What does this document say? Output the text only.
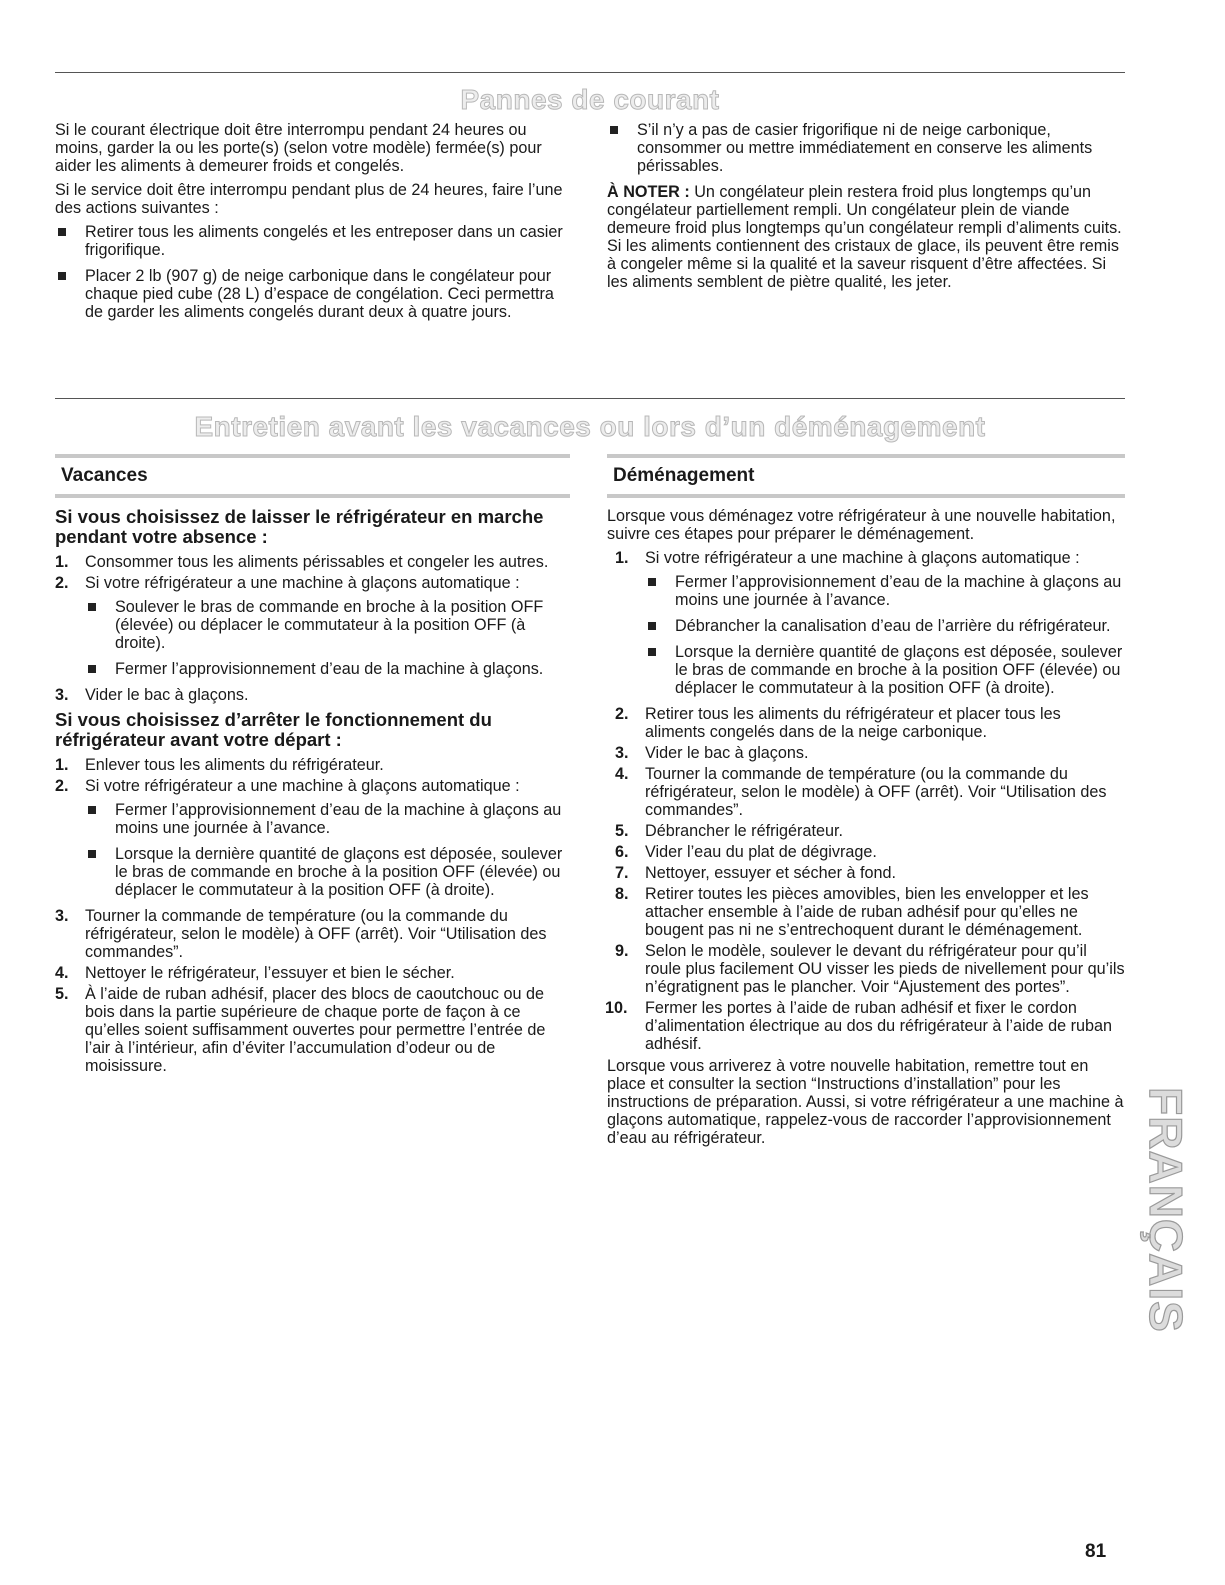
Pannes de courant

Si le courant électrique doit être interrompu pendant 24 heures ou moins, garder la ou les porte(s) (selon votre modèle) fermée(s) pour aider les aliments à demeurer froids et congelés.

Si le service doit être interrompu pendant plus de 24 heures, faire l’une des actions suivantes :

Retirer tous les aliments congelés et les entreposer dans un casier frigorifique.
Placer 2 lb (907 g) de neige carbonique dans le congélateur pour chaque pied cube (28 L) d’espace de congélation. Ceci permettra de garder les aliments congelés durant deux à quatre jours.
S’il n’y a pas de casier frigorifique ni de neige carbonique, consommer ou mettre immédiatement en conserve les aliments périssables.

À NOTER : Un congélateur plein restera froid plus longtemps qu’un congélateur partiellement rempli. Un congélateur plein de viande demeure froid plus longtemps qu’un congélateur rempli d’aliments cuits. Si les aliments contiennent des cristaux de glace, ils peuvent être remis à congeler même si la qualité et la saveur risquent d’être affectées. Si les aliments semblent de piètre qualité, les jeter.

Entretien avant les vacances ou lors d’un déménagement
Vacances	Déménagement

Si vous choisissez de laisser le réfrigérateur en marche pendant votre absence :

1.	Consommer tous les aliments périssables et congeler les autres.
2.	Si votre réfrigérateur a une machine à glaçons automatique :
Soulever le bras de commande en broche à la position OFF (élevée) ou déplacer le commutateur à la position OFF (à droite).
Fermer l’approvisionnement d’eau de la machine à glaçons.
3.	Vider le bac à glaçons.

Si vous choisissez d’arrêter le fonctionnement du réfrigérateur avant votre départ :

1.	Enlever tous les aliments du réfrigérateur.
2.	Si votre réfrigérateur a une machine à glaçons automatique :
Fermer l’approvisionnement d’eau de la machine à glaçons au moins une journée à l’avance.
Lorsque la dernière quantité de glaçons est déposée, soulever le bras de commande en broche à la position OFF (élevée) ou déplacer le commutateur à la position OFF (à droite).
3.	Tourner la commande de température (ou la commande du réfrigérateur, selon le modèle) à OFF (arrêt). Voir “Utilisation des commandes”.
4.	Nettoyer le réfrigérateur, l’essuyer et bien le sécher.
5.	À l’aide de ruban adhésif, placer des blocs de caoutchouc ou de bois dans la partie supérieure de chaque porte de façon à ce qu’elles soient suffisamment ouvertes pour permettre l’entrée de l’air à l’intérieur, afin d’éviter l’accumulation d’odeur ou de moisissure.

Lorsque vous déménagez votre réfrigérateur à une nouvelle habitation, suivre ces étapes pour préparer le déménagement.

1.	Si votre réfrigérateur a une machine à glaçons automatique :
Fermer l’approvisionnement d’eau de la machine à glaçons au moins une journée à l’avance.
Débrancher la canalisation d’eau de l’arrière du réfrigérateur.
Lorsque la dernière quantité de glaçons est déposée, soulever le bras de commande en broche à la position OFF (élevée) ou déplacer le commutateur à la position OFF (à droite).
2.	Retirer tous les aliments du réfrigérateur et placer tous les aliments congelés dans de la neige carbonique.
3.	Vider le bac à glaçons.
4.	Tourner la commande de température (ou la commande du réfrigérateur, selon le modèle) à OFF (arrêt). Voir “Utilisation des commandes”.
5.	Débrancher le réfrigérateur.
6.	Vider l’eau du plat de dégivrage.
7.	Nettoyer, essuyer et sécher à fond.
8.	Retirer toutes les pièces amovibles, bien les envelopper et les attacher ensemble à l’aide de ruban adhésif pour qu’elles ne bougent pas ni ne s’entrechoquent durant le déménagement.
9.	Selon le modèle, soulever le devant du réfrigérateur pour qu’il roule plus facilement OU visser les pieds de nivellement pour qu’ils n’égratignent pas le plancher. Voir “Ajustement des portes”.
10. Fermer les portes à l’aide de ruban adhésif et fixer le cordon d’alimentation électrique au dos du réfrigérateur à l’aide de ruban adhésif.

Lorsque vous arriverez à votre nouvelle habitation, remettre tout en place et consulter la section “Instructions d’installation” pour les instructions de préparation. Aussi, si votre réfrigérateur a une machine à glaçons automatique, rappelez-vous de raccorder l’approvisionnement d’eau au réfrigérateur.	FRANÇAIS
81
